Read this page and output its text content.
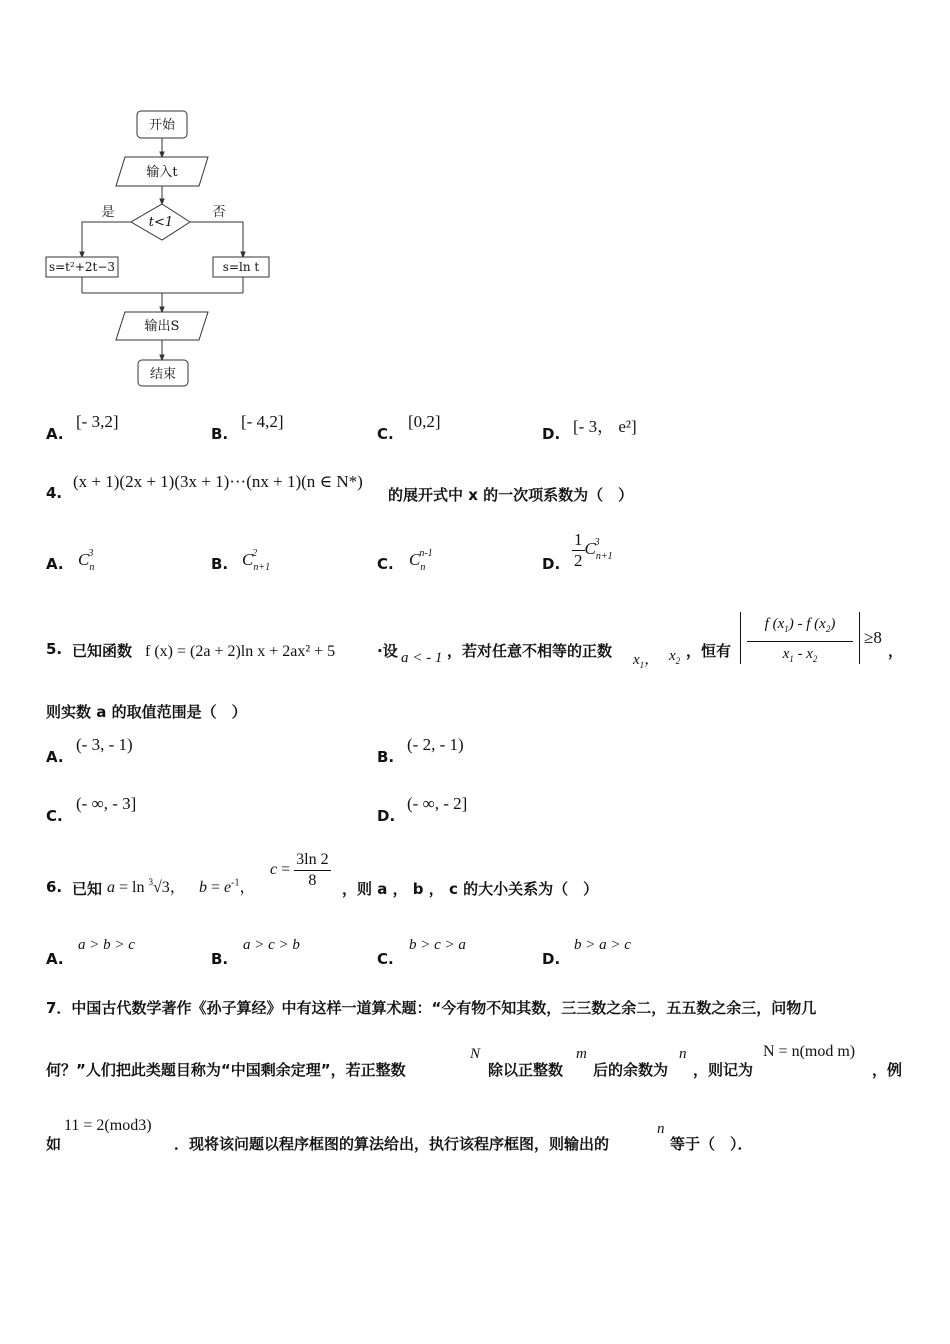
开始
输入t
t<1
是	否
s=t²+2t−3	s=ln t
输出S
结束
A.
[- 3,2]
B.
[- 4,2]
C.
[0,2]
D. [- 3， e²]
4.
(x + 1)(2x + 1)(3x + 1)···(nx + 1)(n ∈ N*)
的展开式中 x 的一次项系数为（　）
A. $C_n^3$
B. $C_{n+1}^2$
C. $C_n^{n-1}$
D. $\frac{1}{2} C_{n+1}^3$
5. 已知函数 f (x) = (2a + 2)ln x + 2ax² + 5	·设 a < - 1 ，若对任意不相等的正数 $x_1$， $x_2$
，恒有
f $(x_1)$ - f $(x_2)$
$x_1 - x_2$
≥8
，
则实数 a 的取值范围是（　）
A.
(- 3, - 1)
B.
(- 2, - 1)
C.
(- ∞, - 3]
D.
(- ∞, - 2]
6. 已知 a = ln $^3$√3， $b = e^{-1}$，
$c = \frac{3\ln 2}{8}$ ，则 a ， b ， c 的大小关系为（　）
A.
a > b > c
B.
a > c > b
C.
b > c > a
D.
b > a > c
7．中国古代数学著作《孙子算经》中有这样一道算术题：“今有物不知其数，三三数之余二，五五数之余三，问物几
何？”人们把此类题目称为“中国剩余定理”，若正整数
N
除以正整数
m
后的余数为
n
，则记为
N = n(mod m)
，例
如
11 = 2(mod3)
．现将该问题以程序框图的算法给出，执行该程序框图，则输出的
n
等于（　）．
